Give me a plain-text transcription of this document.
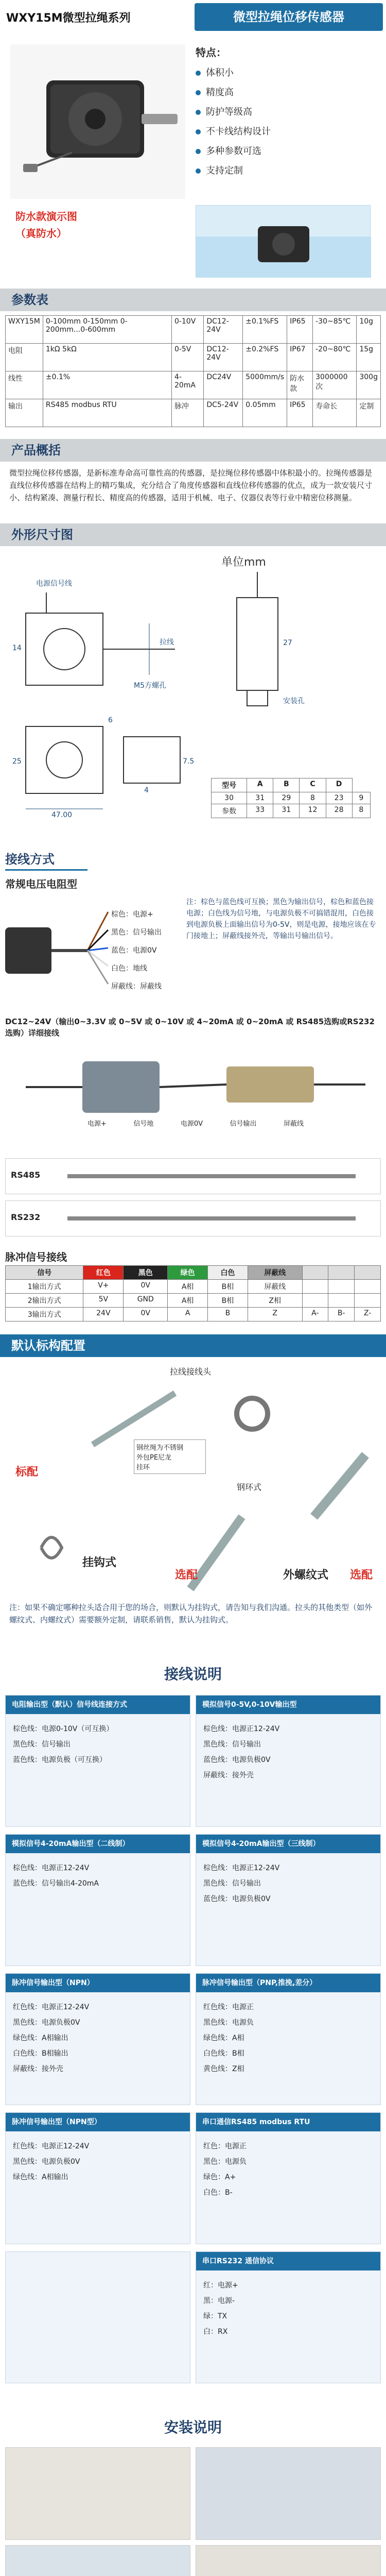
WXY15M微型拉绳系列	微型拉绳位移传感器
特点：
体积小
精度高
防护等级高
不卡线结构设计
多种参数可选
支持定制
防水款演示图
（真防水）
参数表
WXY15M	0-100mm 0-150mm 0-200mm...0-600mm	0-10V	DC12-24V	±0.1%FS	IP65	-30~85℃	10g
电阻	1kΩ 5kΩ	0-5V	DC12-24V	±0.2%FS	IP67	-20~80℃	15g
线性	±0.1%	4-20mA	DC24V	5000mm/s	防水款	3000000次	300g
输出	RS485 modbus RTU	脉冲	DC5-24V	0.05mm	IP65	寿命长	定制
产品概括
微型拉绳位移传感器，是新标准寿命高可靠性高的传感器，是拉绳位移传感器中体积最小的。拉绳传感器是直线位移传感器在结构上的精巧集成，充分结合了角度传感器和直线位移传感器的优点，成为一款安装尺寸小、结构紧凑、测量行程长、精度高的传感器，适用于机械、电子、仪器仪表等行业中精密位移测量。
外形尺寸图
单位mm
电源信号线
拉线
M5方螺孔
安装孔
27
47.00
14
6
7.5
25
4
型号	A	B	C	D	
30	31	29	8	23	9
参数	33	31	12	28	8
接线方式
常规电压电阻型
棕色：电源+
黑色：信号输出
蓝色：电源0V
白色：地线
屏蔽线：屏蔽线
注：棕色与蓝色线可互换；黑色为输出信号，棕色和蓝色接电源；白色线为信号地，与电源负极不可搞错混用，白色接到电源负极上面输出信号为0-5V，则是电源，接地应该在专门接地上；屏蔽线接外壳，等输出号输出信号。
DC12~24V（输出0~3.3V 或 0~5V 或 0~10V 或 4~20mA 或 0~20mA 或 RS485选购或RS232选购）详细接线
电源+	信号地	电源0V	信号输出	屏蔽线
RS485
RS232
脉冲信号接线
信号	红色	黑色	绿色	白色	屏蔽线			
1输出方式	V+	0V	A相	B相	屏蔽线			
2输出方式	5V	GND	A相	B相	Z相			
3输出方式	24V	0V	A	B	Z	A-	B-	Z-
默认标构配置
拉线接线头
标配
挂钩式
选配
钢环式
外螺纹式 选配
钢丝绳为不锈钢
外包PE尼龙
挂环
注：如果不确定哪种拉头适合用于您的场合，则默认为挂钩式，请告知与我们沟通。拉头的其他类型（如外螺纹式、内螺纹式）需要额外定制，请联系销售，默认为挂钩式。
接线说明
电阻输出型（默认）信号线连接方式
棕色线：电源0-10V（可互换）
黑色线：信号输出
蓝色线：电源负极（可互换）
模拟信号0-5V,0-10V输出型
棕色线：电源正12-24V
黑色线：信号输出
蓝色线：电源负极0V
屏蔽线：接外壳
模拟信号4-20mA输出型（二线制）
棕色线：电源正12-24V
蓝色线：信号输出4-20mA
模拟信号4-20mA输出型（三线制）
棕色线：电源正12-24V
黑色线：信号输出
蓝色线：电源负极0V
脉冲信号输出型（NPN）
红色线：电源正12-24V
黑色线：电源负极0V
绿色线：A相输出
白色线：B相输出
屏蔽线：接外壳
脉冲信号输出型（PNP,推挽,差分）
红色线：电源正
黑色线：电源负
绿色线：A相
白色线：B相
黄色线：Z相
脉冲信号输出型（NPN型）
红色线：电源正12-24V
黑色线：电源负极0V
绿色线：A相输出
串口通信RS485 modbus RTU
红色：电源正
黑色：电源负
绿色：A+
白色：B-
串口RS232 通信协议
红：电源+
黑：电源-
绿：TX
白：RX
安装说明
